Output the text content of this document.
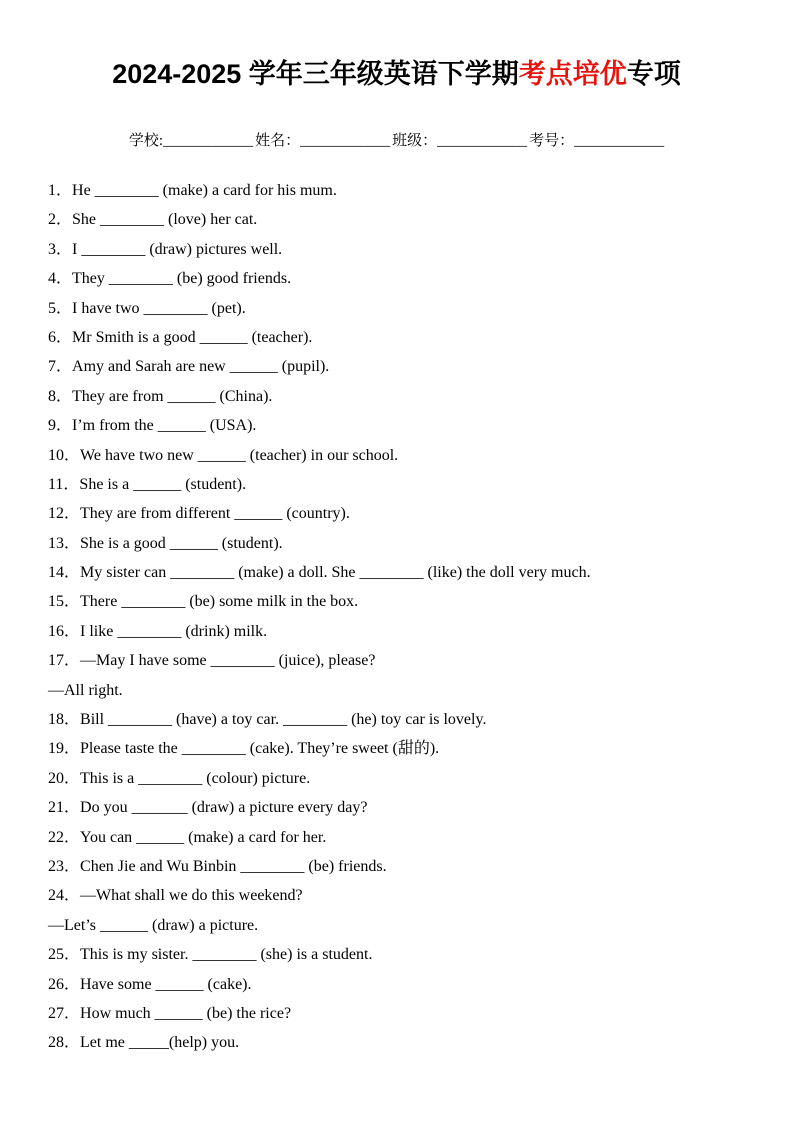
2024-2025 学年三年级英语下学期考点培优专项
学校:____________ 姓名：____________ 班级：____________ 考号：____________
1．He ________ (make) a card for his mum.
2．She ________ (love) her cat.
3．I ________ (draw) pictures well.
4．They ________ (be) good friends.
5．I have two ________ (pet).
6．Mr Smith is a good ______ (teacher).
7．Amy and Sarah are new ______ (pupil).
8．They are from ______ (China).
9．I’m from the ______ (USA).
10．We have two new ______ (teacher) in our school.
11．She is a ______ (student).
12．They are from different ______ (country).
13．She is a good ______ (student).
14．My sister can ________ (make) a doll. She ________ (like) the doll very much.
15．There ________ (be) some milk in the box.
16．I like ________ (drink) milk.
17．—May I have some ________ (juice), please?
—All right.
18．Bill ________ (have) a toy car. ________ (he) toy car is lovely.
19．Please taste the ________ (cake). They’re sweet (甜的).
20．This is a ________ (colour) picture.
21．Do you _______ (draw) a picture every day?
22．You can ______ (make) a card for her.
23．Chen Jie and Wu Binbin ________ (be) friends.
24．—What shall we do this weekend?
—Let’s ______ (draw) a picture.
25．This is my sister. ________ (she) is a student.
26．Have some ______ (cake).
27．How much ______ (be) the rice?
28．Let me _____(help) you.
